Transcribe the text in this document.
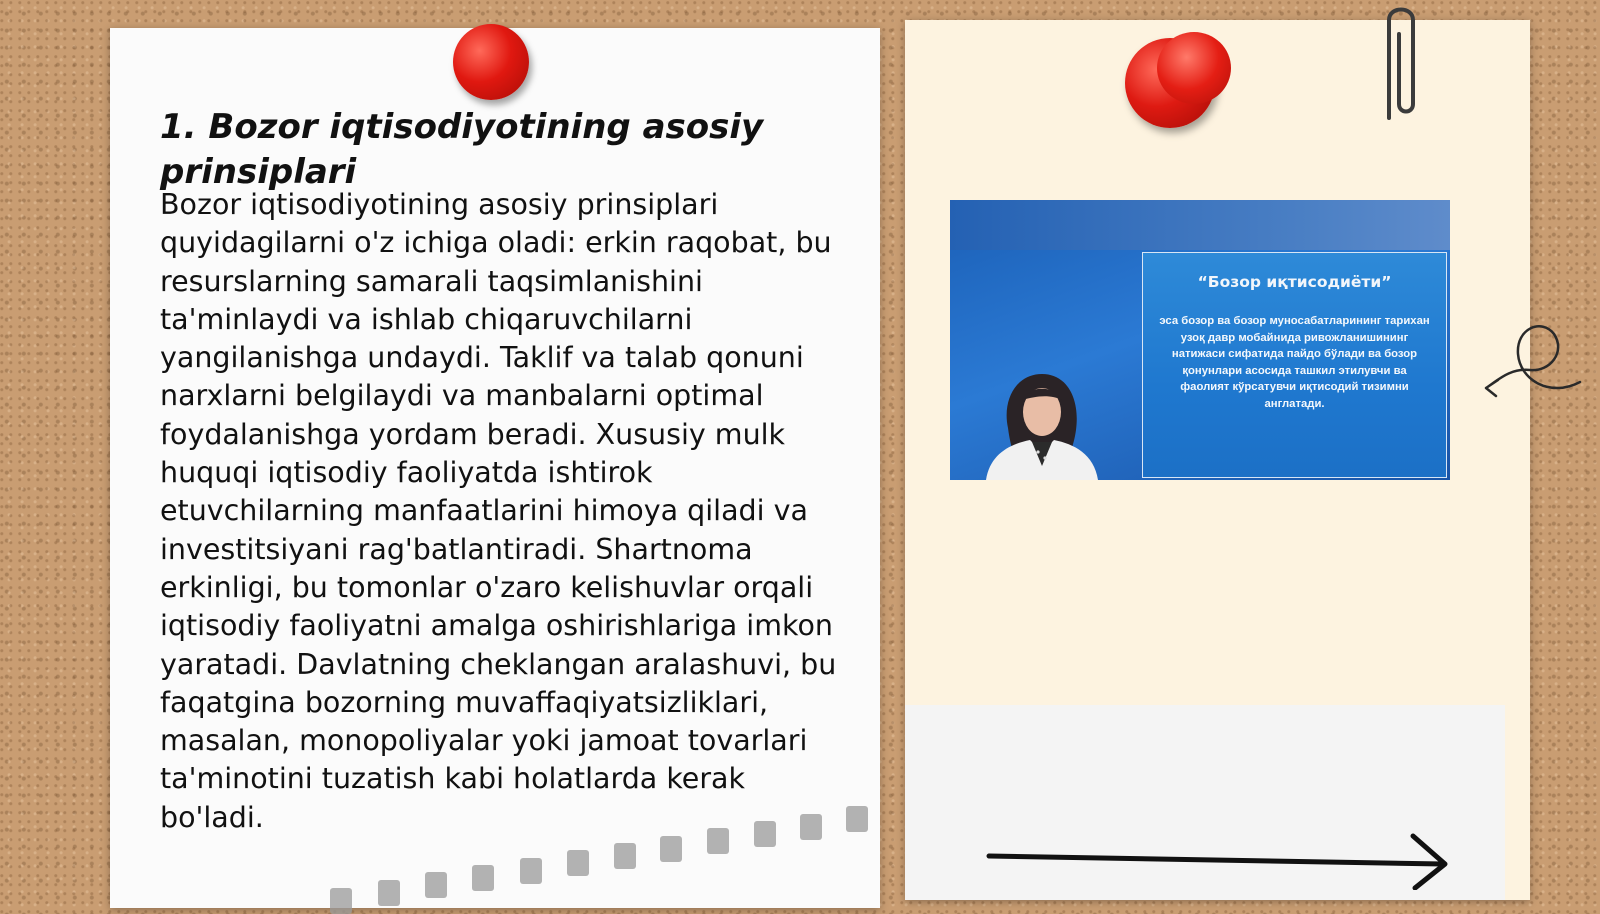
1. Bozor iqtisodiyotining asosiy prinsiplari

Bozor iqtisodiyotining asosiy prinsiplari quyidagilarni o'z ichiga oladi: erkin raqobat, bu resurslarning samarali taqsimlanishini ta'minlaydi va ishlab chiqaruvchilarni yangilanishga undaydi. Taklif va talab qonuni narxlarni belgilaydi va manbalarni optimal foydalanishga yordam beradi. Xususiy mulk huquqi iqtisodiy faoliyatda ishtirok etuvchilarning manfaatlarini himoya qiladi va investitsiyani rag'batlantiradi. Shartnoma erkinligi, bu tomonlar o'zaro kelishuvlar orqali iqtisodiy faoliyatni amalga oshirishlariga imkon yaratadi. Davlatning cheklangan aralashuvi, bu faqatgina bozorning muvaffaqiyatsizliklari, masalan, monopoliyalar yoki jamoat tovarlari ta'minotini tuzatish kabi holatlarda kerak bo'ladi.

“Бозор иқтисодиёти”
эса бозор ва бозор муносабатларининг тарихан узоқ давр мобайнида ривожланишининг натижаси сифатида пайдо бўлади ва бозор қонунлари асосида ташкил этилувчи ва фаолият кўрсатувчи иқтисодий тизимни англатади.
